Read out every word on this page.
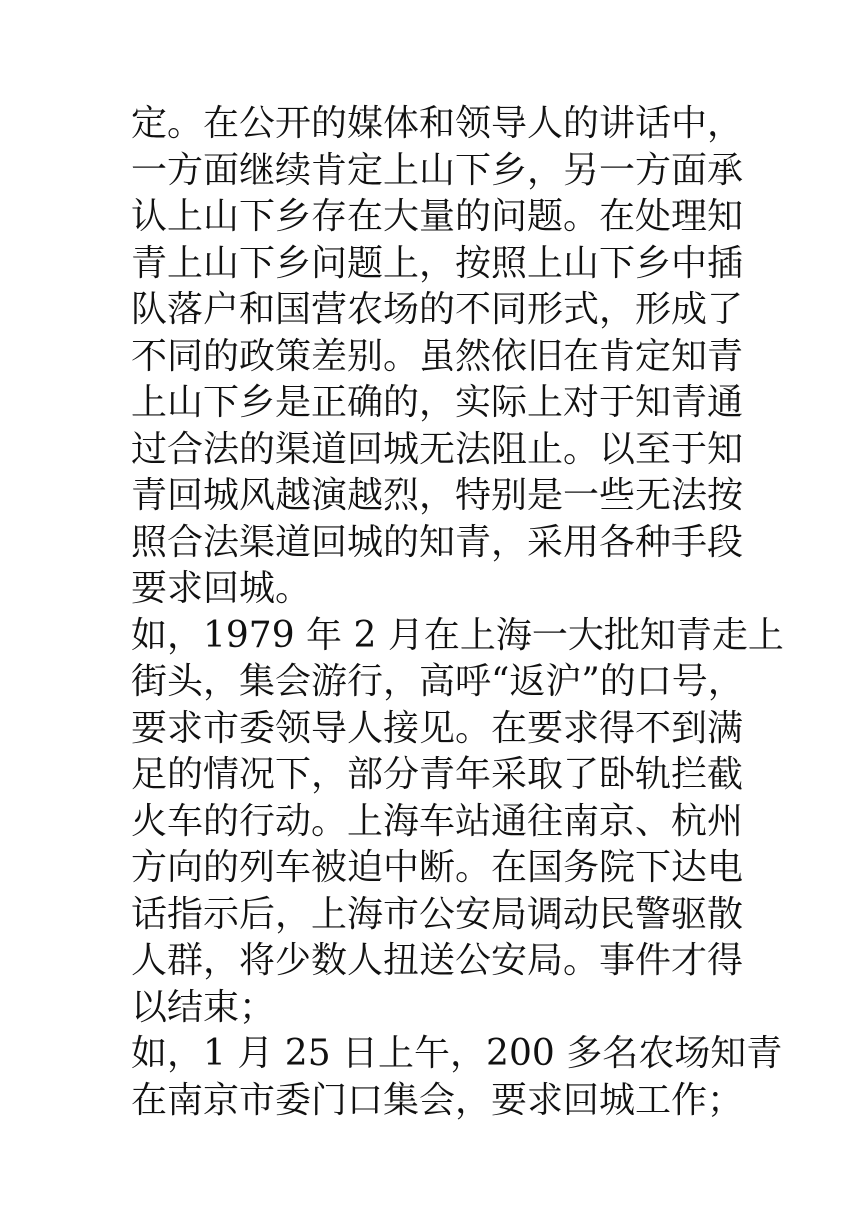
定。在公开的媒体和领导人的讲话中，
一方面继续肯定上山下乡，另一方面承
认上山下乡存在大量的问题。在处理知
青上山下乡问题上，按照上山下乡中插
队落户和国营农场的不同形式，形成了
不同的政策差别。虽然依旧在肯定知青
上山下乡是正确的，实际上对于知青通
过合法的渠道回城无法阻止。以至于知
青回城风越演越烈，特别是一些无法按
照合法渠道回城的知青，采用各种手段
要求回城。
如，1979 年 2 月在上海一大批知青走上
街头，集会游行，高呼“返沪”的口号，
要求市委领导人接见。在要求得不到满
足的情况下，部分青年采取了卧轨拦截
火车的行动。上海车站通往南京、杭州
方向的列车被迫中断。在国务院下达电
话指示后，上海市公安局调动民警驱散
人群，将少数人扭送公安局。事件才得
以结束；
如，1 月 25 日上午，200 多名农场知青
在南京市委门口集会，要求回城工作；
